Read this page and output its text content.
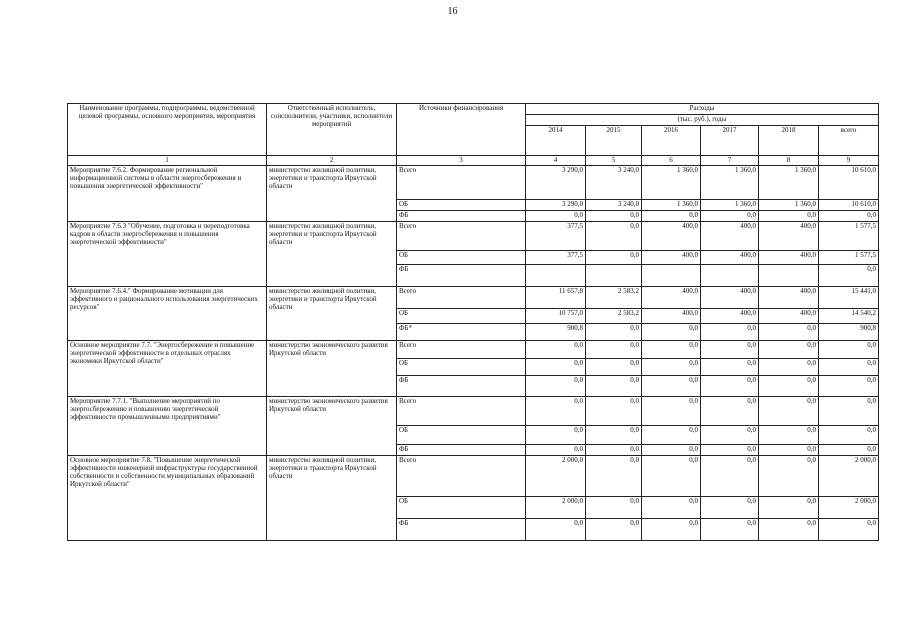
16
Наименование программы, подпрограммы, ведомственной целевой программы, основного мероприятия, мероприятия	Ответственный исполнитель, соисполнители, участники, исполнители мероприятий	Источники финансирования	Расходы					
			(тыс. руб.), годы					
			2014	2015	2016	2017	2018	всего
1	2	3	4	5	6	7	8	9
Мероприятие 7.6.2. Формирование региональной информационной системы в области энергосбережения и повышения энергетической эффективности"	министерство жилищной политики, энергетики и транспорта Иркутской области	Всего	3 290,0	3 240,0	1 360,0	1 360,0	1 360,0	10 610,0
		ОБ	3 290,0	3 240,0	1 360,0	1 360,0	1 360,0	10 610,0
		ФБ	0,0	0,0	0,0	0,0	0,0	0,0
Мероприятие 7.6.3 "Обучение, подготовка и переподготовка кадров в области энергосбережения и повышения энергетической эффективности"	министерство жилищной политики, энергетики и транспорта Иркутской области	Всего	377,5	0,0	400,0	400,0	400,0	1 577,5
		ОБ	377,5	0,0	400,0	400,0	400,0	1 577,5
		ФБ						0,0
Мероприятие 7.6.4." Формирование мотивации для эффективного и рационального использования энергетических ресурсов"	министерство жилищной политики, энергетики и транспорта Иркутской области	Всего	11 657,8	2 583,2	400,0	400,0	400,0	15 441,0
		ОБ	10 757,0	2 583,2	400,0	400,0	400,0	14 540,2
		ФБ*	900,8	0,0	0,0	0,0	0,0	900,8
Основное мероприятие 7.7. "Энергосбережение и повышение энергетической эффективности в отдельных отраслях экономики Иркутской области"	министерство экономического развития Иркутской области	Всего	0,0	0,0	0,0	0,0	0,0	0,0
		ОБ	0,0	0,0	0,0	0,0	0,0	0,0
		ФБ	0,0	0,0	0,0	0,0	0,0	0,0
Мероприятие 7.7.1. "Выполнение мероприятий по энергосбережению и повышению энергетической эффективности промышленными предприятиями"	министерство экономического развития Иркутской области	Всего	0,0	0,0	0,0	0,0	0,0	0,0
		ОБ	0,0	0,0	0,0	0,0	0,0	0,0
		ФБ	0,0	0,0	0,0	0,0	0,0	0,0
Основное мероприятие 7.8. "Повышение энергетической эффективности инженерной инфраструктуры государственной собственности и собственности муниципальных образований Иркутской области"	министерство жилищной политики, энергетики и транспорта Иркутской области	Всего	2 000,0	0,0	0,0	0,0	0,0	2 000,0
		ОБ	2 000,0	0,0	0,0	0,0	0,0	2 000,0
		ФБ	0,0	0,0	0,0	0,0	0,0	0,0
